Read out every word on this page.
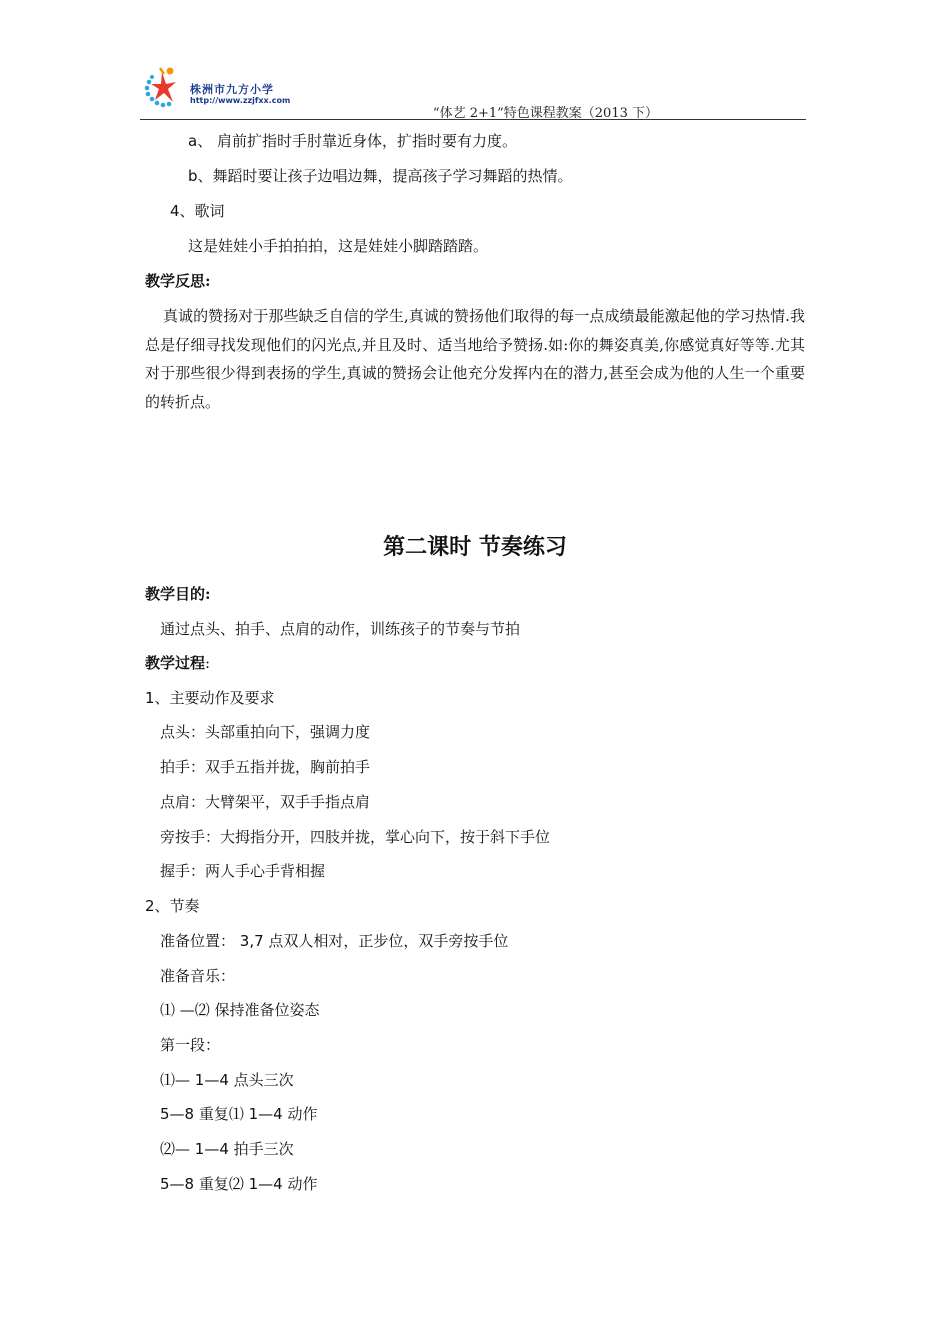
株洲市九方小学
http://www.zzjfxx.com
“体艺 2+1”特色课程教案（2013 下）
a、 肩前扩指时手肘靠近身体，扩指时要有力度。
b、舞蹈时要让孩子边唱边舞，提高孩子学习舞蹈的热情。
4、歌词
这是娃娃小手拍拍拍，这是娃娃小脚踏踏踏。
教学反思:
真诚的赞扬对于那些缺乏自信的学生,真诚的赞扬他们取得的每一点成绩最能激起他的学习热情.我总是仔细寻找发现他们的闪光点,并且及时、适当地给予赞扬.如:你的舞姿真美,你感觉真好等等.尤其对于那些很少得到表扬的学生,真诚的赞扬会让他充分发挥内在的潜力,甚至会成为他的人生一个重要的转折点。
第二课时 节奏练习
教学目的:
通过点头、拍手、点肩的动作，训练孩子的节奏与节拍
教学过程:
1、主要动作及要求
点头：头部重拍向下，强调力度
拍手：双手五指并拢，胸前拍手
点肩：大臂架平，双手手指点肩
旁按手：大拇指分开，四肢并拢，掌心向下，按于斜下手位
握手：两人手心手背相握
2、节奏
准备位置： 3,7 点双人相对，正步位，双手旁按手位
准备音乐：
⑴ —⑵ 保持准备位姿态
第一段：
⑴— 1—4 点头三次
5—8 重复⑴ 1—4 动作
⑵— 1—4 拍手三次
5—8 重复⑵ 1—4 动作
